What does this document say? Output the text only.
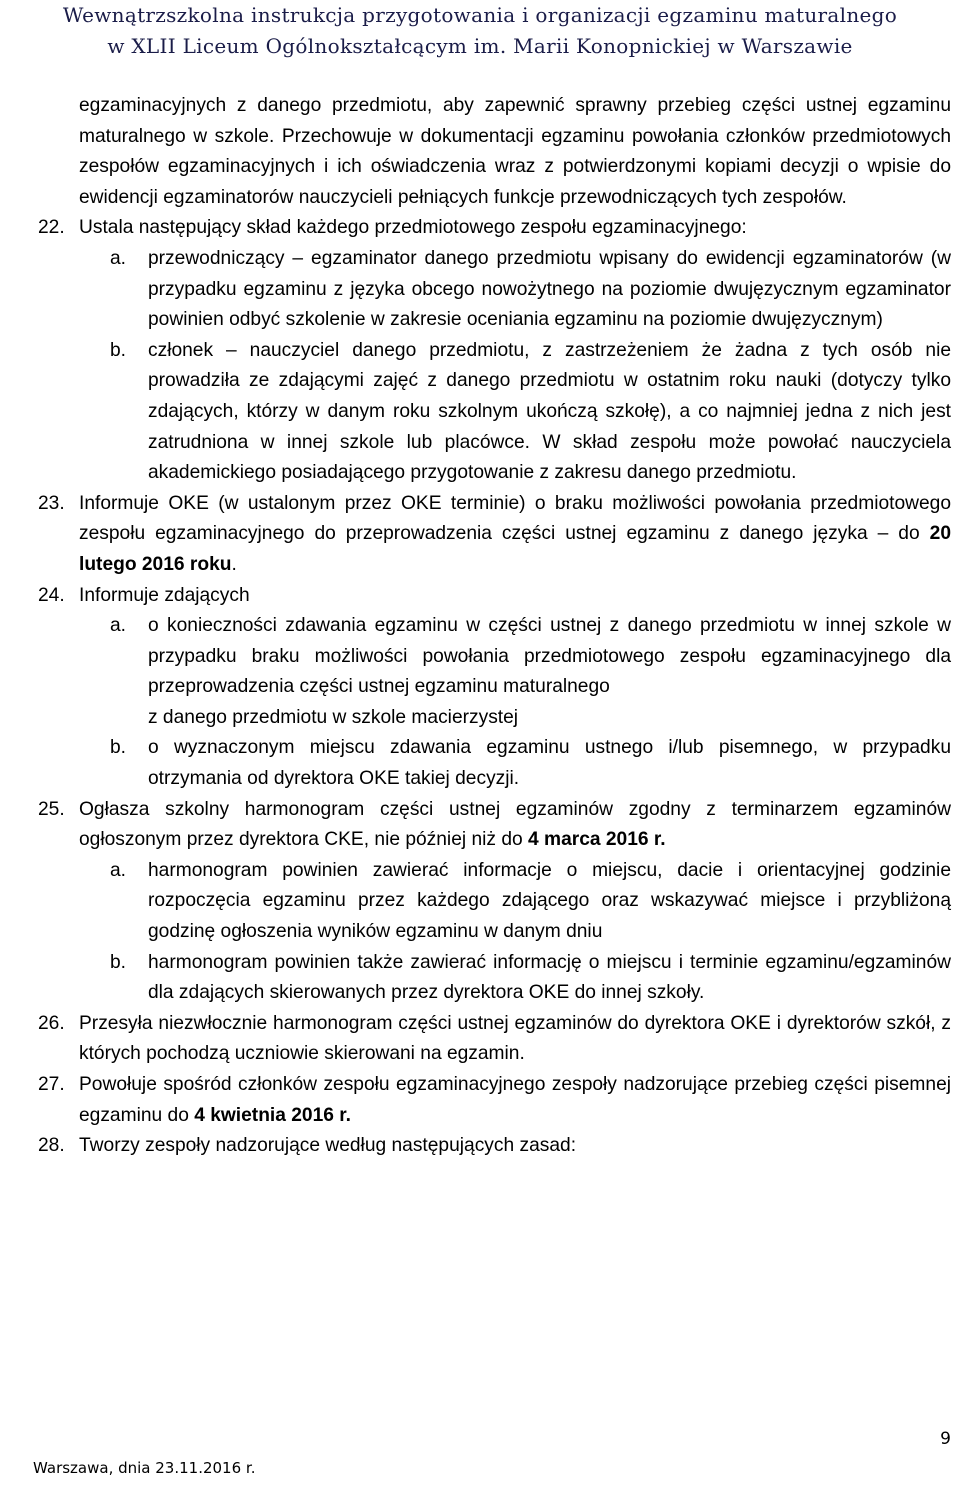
Wewnątrzszkolna instrukcja przygotowania i organizacji egzaminu maturalnego
w XLII Liceum Ogólnokształcącym im. Marii Konopnickiej w Warszawie

egzaminacyjnych z danego przedmiotu, aby zapewnić sprawny przebieg części ustnej egzaminu maturalnego w szkole. Przechowuje w dokumentacji egzaminu powołania członków przedmiotowych zespołów egzaminacyjnych i ich oświadczenia wraz z potwierdzonymi kopiami decyzji o wpisie do ewidencji egzaminatorów nauczycieli pełniących funkcje przewodniczących tych zespołów.

22. Ustala następujący skład każdego przedmiotowego zespołu egzaminacyjnego:

a. przewodniczący – egzaminator danego przedmiotu wpisany do ewidencji egzaminatorów (w przypadku egzaminu z języka obcego nowożytnego na poziomie dwujęzycznym egzaminator powinien odbyć szkolenie w zakresie oceniania egzaminu na poziomie dwujęzycznym)

b. członek – nauczyciel danego przedmiotu, z zastrzeżeniem że żadna z tych osób nie prowadziła ze zdającymi zajęć z danego przedmiotu w ostatnim roku nauki (dotyczy tylko zdających, którzy w danym roku szkolnym ukończą szkołę), a co najmniej jedna z nich jest zatrudniona w innej szkole lub placówce. W skład zespołu może powołać nauczyciela akademickiego posiadającego przygotowanie z zakresu danego przedmiotu.

23. Informuje OKE (w ustalonym przez OKE terminie) o braku możliwości powołania przedmiotowego zespołu egzaminacyjnego do przeprowadzenia części ustnej egzaminu z danego języka – do 20 lutego 2016 roku.

24. Informuje zdających

a. o konieczności zdawania egzaminu w części ustnej z danego przedmiotu w innej szkole w przypadku braku możliwości powołania przedmiotowego zespołu egzaminacyjnego dla przeprowadzenia części ustnej egzaminu maturalnego

z danego przedmiotu w szkole macierzystej

b. o wyznaczonym miejscu zdawania egzaminu ustnego i/lub pisemnego, w przypadku otrzymania od dyrektora OKE takiej decyzji.

25. Ogłasza szkolny harmonogram części ustnej egzaminów zgodny z terminarzem egzaminów ogłoszonym przez dyrektora CKE, nie później niż do 4 marca 2016 r.

a. harmonogram powinien zawierać informacje o miejscu, dacie i orientacyjnej godzinie rozpoczęcia egzaminu przez każdego zdającego oraz wskazywać miejsce i przybliżoną godzinę ogłoszenia wyników egzaminu w danym dniu

b. harmonogram powinien także zawierać informację o miejscu i terminie egzaminu/egzaminów dla zdających skierowanych przez dyrektora OKE do innej szkoły.

26. Przesyła niezwłocznie harmonogram części ustnej egzaminów do dyrektora OKE i dyrektorów szkół, z których pochodzą uczniowie skierowani na egzamin.

27. Powołuje spośród członków zespołu egzaminacyjnego zespoły nadzorujące przebieg części pisemnej egzaminu do 4 kwietnia 2016 r.

28. Tworzy zespoły nadzorujące według następujących zasad:

9
Warszawa, dnia 23.11.2016 r.
